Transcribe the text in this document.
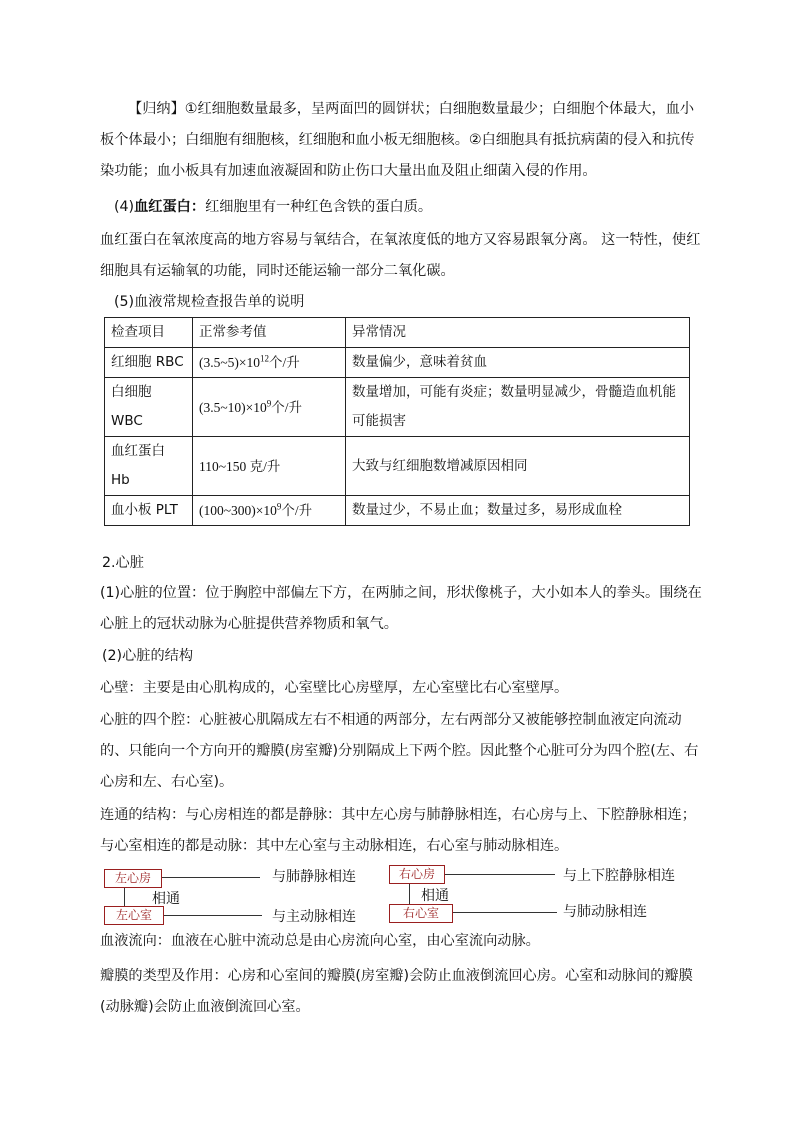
【归纳】①红细胞数量最多，呈两面凹的圆饼状；白细胞数量最少；白细胞个体最大，血小板个体最小；白细胞有细胞核，红细胞和血小板无细胞核。②白细胞具有抵抗病菌的侵入和抗传染功能；血小板具有加速血液凝固和防止伤口大量出血及阻止细菌入侵的作用。

(4)血红蛋白：红细胞里有一种红色含铁的蛋白质。

血红蛋白在氧浓度高的地方容易与氧结合，在氧浓度低的地方又容易跟氧分离。 这一特性，使红细胞具有运输氧的功能，同时还能运输一部分二氧化碳。

(5)血液常规检查报告单的说明

检查项目	正常参考值	异常情况
红细胞 RBC	$(3.5\sim 5)\times 10^{12}$个/升	数量偏少，意味着贫血
白细胞 WBC	$(3.5\sim 10)\times 10^9$个/升	数量增加，可能有炎症；数量明显减少，骨髓造血机能可能损害
血红蛋白 Hb	110~150 克/升	大致与红细胞数增减原因相同
血小板 PLT	$(100\sim 300)\times 10^9$个/升	数量过少，不易止血；数量过多，易形成血栓

2.心脏

(1)心脏的位置：位于胸腔中部偏左下方，在两肺之间，形状像桃子，大小如本人的拳头。围绕在心脏上的冠状动脉为心脏提供营养物质和氧气。

(2)心脏的结构

心壁：主要是由心肌构成的，心室壁比心房壁厚，左心室壁比右心室壁厚。

心脏的四个腔：心脏被心肌隔成左右不相通的两部分，左右两部分又被能够控制血液定向流动的、只能向一个方向开的瓣膜(房室瓣)分别隔成上下两个腔。因此整个心脏可分为四个腔(左、右心房和左、右心室)。

连通的结构：与心房相连的都是静脉：其中左心房与肺静脉相连，右心房与上、下腔静脉相连；与心室相连的都是动脉：其中左心室与主动脉相连，右心室与肺动脉相连。

左心房
左心室
相通
与肺静脉相连
与主动脉相连
右心房
右心室
相通
与上下腔静脉相连
与肺动脉相连

血液流向：血液在心脏中流动总是由心房流向心室，由心室流向动脉。

瓣膜的类型及作用：心房和心室间的瓣膜(房室瓣)会防止血液倒流回心房。心室和动脉间的瓣膜(动脉瓣)会防止血液倒流回心室。
